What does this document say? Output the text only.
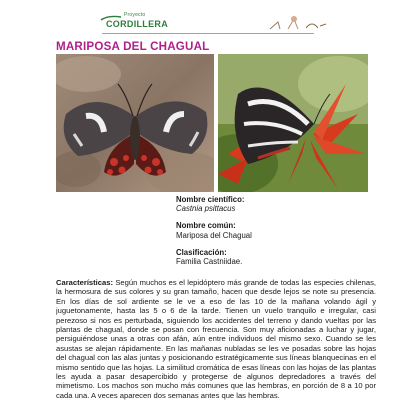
Proyecto
CORDILLERA
MARIPOSA DEL CHAGUAL
Nombre científico:
Castnia psittacus
Nombre común:
Mariposa del Chagual
Clasificación:
Familia Castniidae.
Características: Según muchos es el lepidóptero más grande de todas las especies chilenas, la hermosura de sus colores y su gran tamaño, hacen que desde lejos se note su presencia. En los días de sol ardiente se le ve a eso de las 10 de la mañana volando ágil y juguetonamente, hasta las 5 o 6 de la tarde. Tienen un vuelo tranquilo e irregular, casi perezoso si nos es perturbada, siguiendo los accidentes del terreno y dando vueltas por las plantas de chagual, donde se posan con frecuencia. Son muy aficionadas a luchar y jugar, persiguiéndose unas a otras con afán, aún entre individuos del mismo sexo. Cuando se les asustas se alejan rápidamente. En las mañanas nubladas se les ve posadas sobre las hojas del chagual con las alas juntas y posicionando estratégicamente sus líneas blanquecinas en el mismo sentido que las hojas. La similitud cromática de esas líneas con las hojas de las plantas les ayuda a pasar desapercibido y protegerse de algunos depredadores a través del mimetismo. Los machos son mucho más comunes que las hembras, en porción de 8 a 10 por cada una. A veces aparecen dos semanas antes que las hembras.
